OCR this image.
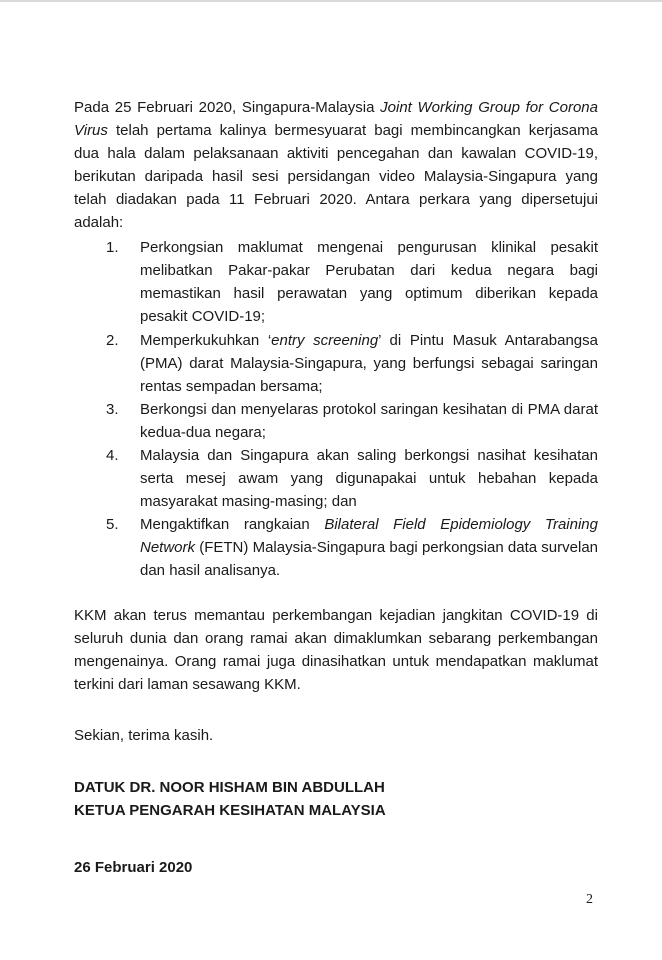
Pada 25 Februari 2020, Singapura-Malaysia Joint Working Group for Corona Virus telah pertama kalinya bermesyuarat bagi membincangkan kerjasama dua hala dalam pelaksanaan aktiviti pencegahan dan kawalan COVID-19, berikutan daripada hasil sesi persidangan video Malaysia-Singapura yang telah diadakan pada 11 Februari 2020. Antara perkara yang dipersetujui adalah:

1.	Perkongsian maklumat mengenai pengurusan klinikal pesakit melibatkan Pakar-pakar Perubatan dari kedua negara bagi memastikan hasil perawatan yang optimum diberikan kepada pesakit COVID-19;
2.	Memperkukuhkan ‘entry screening’ di Pintu Masuk Antarabangsa (PMA) darat Malaysia-Singapura, yang berfungsi sebagai saringan rentas sempadan bersama;
3.	Berkongsi dan menyelaras protokol saringan kesihatan di PMA darat kedua-dua negara;
4.	Malaysia dan Singapura akan saling berkongsi nasihat kesihatan serta mesej awam yang digunapakai untuk hebahan kepada masyarakat masing-masing; dan
5.	Mengaktifkan rangkaian Bilateral Field Epidemiology Training Network (FETN) Malaysia-Singapura bagi perkongsian data survelan dan hasil analisanya.

KKM akan terus memantau perkembangan kejadian jangkitan COVID-19 di seluruh dunia dan orang ramai akan dimaklumkan sebarang perkembangan mengenainya. Orang ramai juga dinasihatkan untuk mendapatkan maklumat terkini dari laman sesawang KKM.

Sekian, terima kasih.

DATUK DR. NOOR HISHAM BIN ABDULLAH

KETUA PENGARAH KESIHATAN MALAYSIA

26 Februari 2020

2
